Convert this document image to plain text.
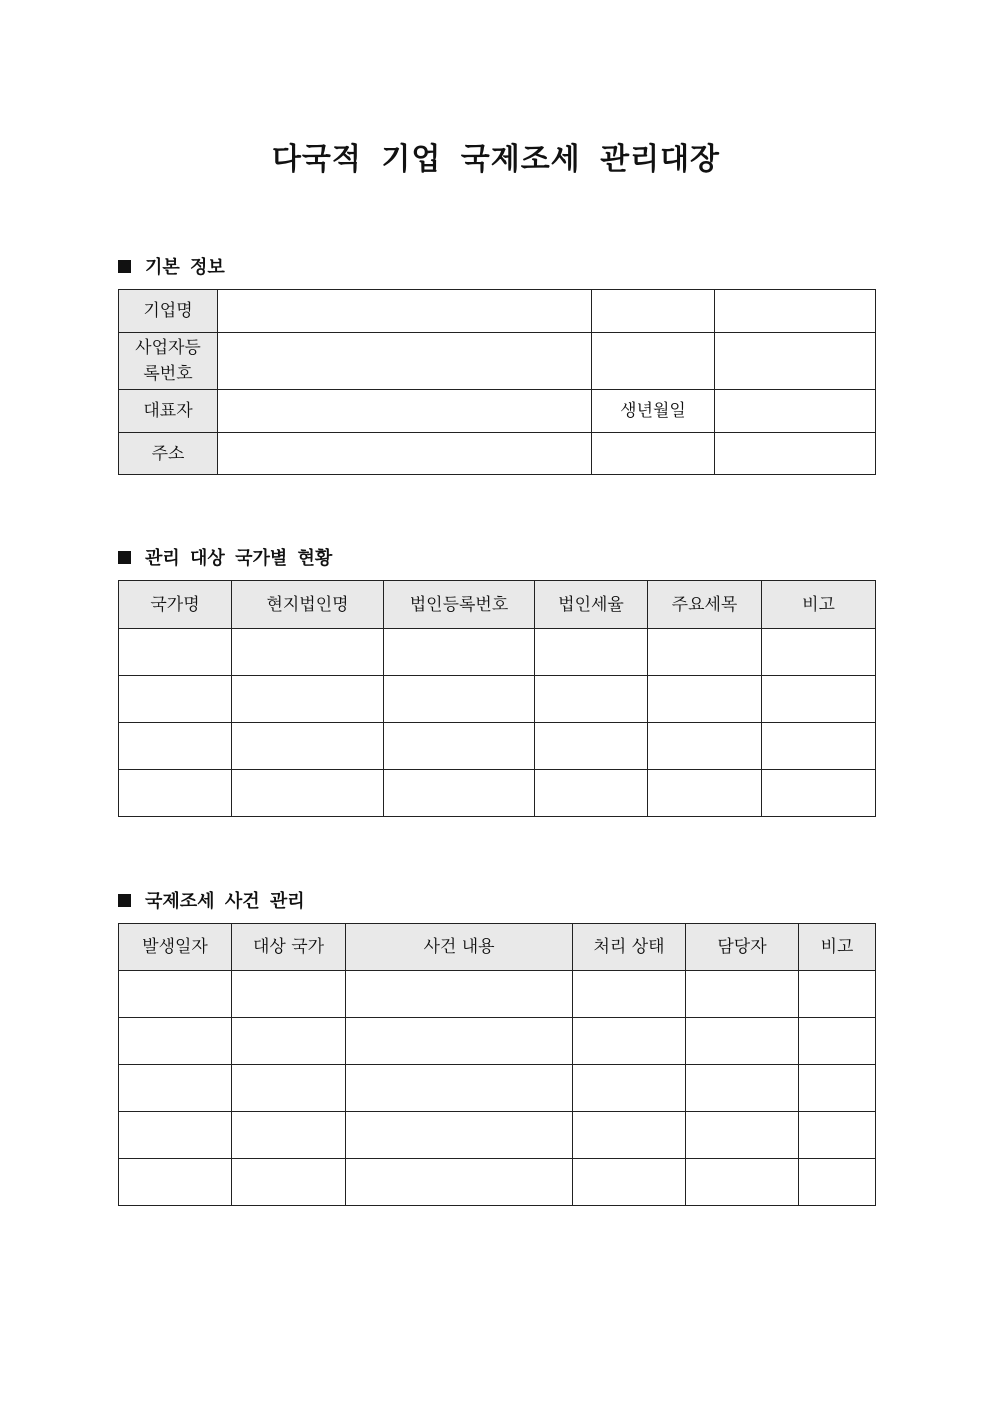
다국적 기업 국제조세 관리대장
기본 정보
기업명			

사업자등
록번호			

대표자		생년월일	
주소			
관리 대상 국가별 현황
국가명	현지법인명	법인등록번호	법인세율	주요세목	비고

국제조세 사건 관리
발생일자	대상 국가	사건 내용	처리 상태	담당자	비고
